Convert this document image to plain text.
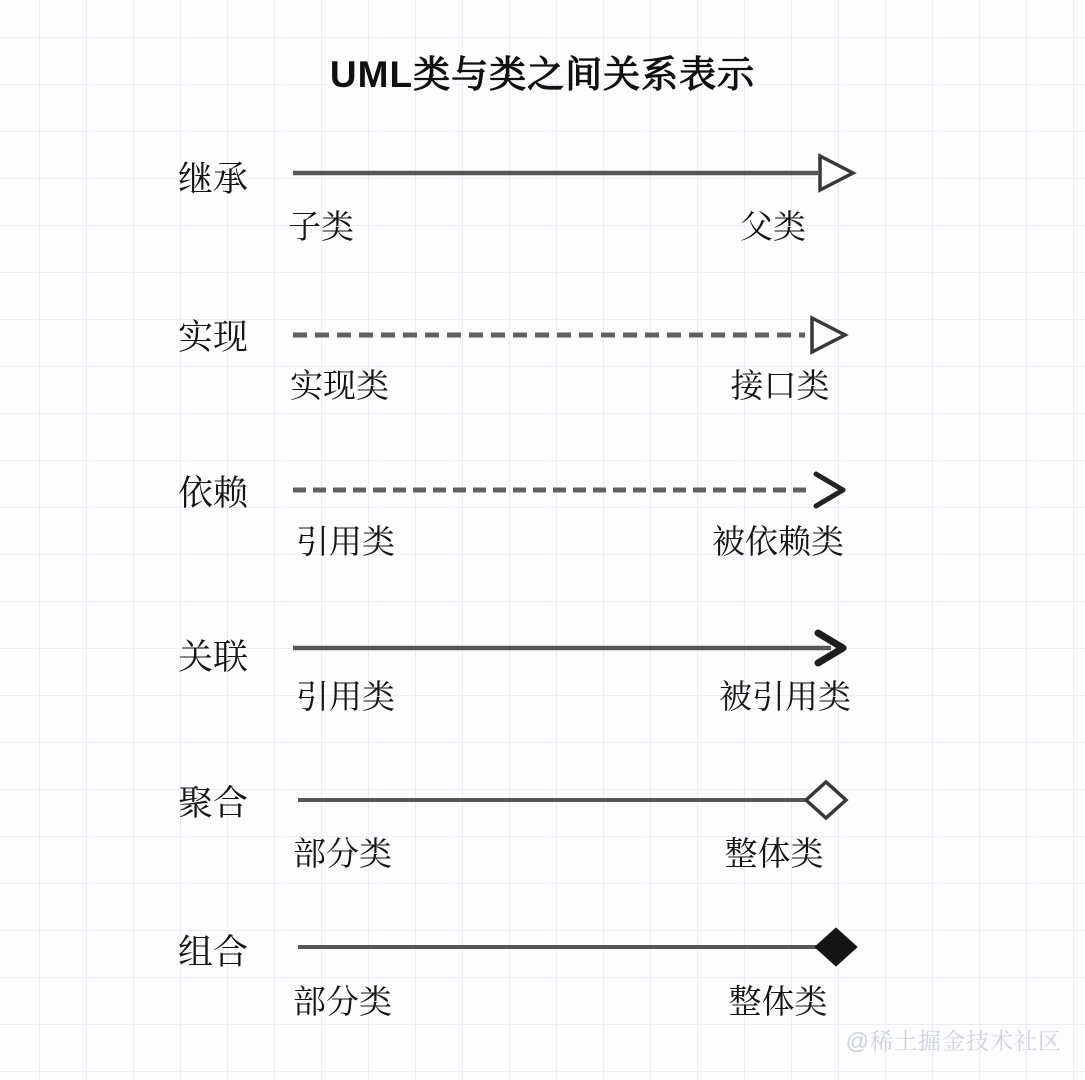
UML类与类之间关系表示
继承
子类	父类
实现
实现类	接口类
依赖
引用类	被依赖类
关联
引用类	被引用类
聚合
部分类	整体类
组合
部分类	整体类
@稀土掘金技术社区
